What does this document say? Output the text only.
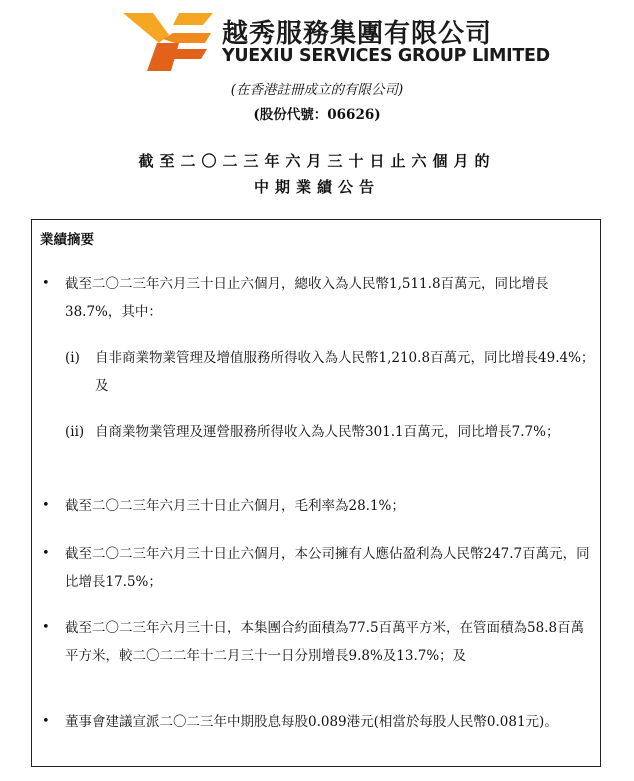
越秀服務集團有限公司
YUEXIU SERVICES GROUP LIMITED
(在香港註冊成立的有限公司)
(股份代號：06626)
截至二〇二三年六月三十日止六個月的
中期業績公告
業績摘要
• 截至二〇二三年六月三十日止六個月，總收入為人民幣1,511.8百萬元，同比增長38.7%，其中：
(i) 自非商業物業管理及增值服務所得收入為人民幣1,210.8百萬元，同比增長49.4%；及
(ii) 自商業物業管理及運營服務所得收入為人民幣301.1百萬元，同比增長7.7%；
• 截至二〇二三年六月三十日止六個月，毛利率為28.1%；
• 截至二〇二三年六月三十日止六個月，本公司擁有人應佔盈利為人民幣247.7百萬元，同比增長17.5%；
• 截至二〇二三年六月三十日，本集團合約面積為77.5百萬平方米，在管面積為58.8百萬平方米，較二〇二二年十二月三十一日分別增長9.8%及13.7%；及
• 董事會建議宣派二〇二三年中期股息每股0.089港元(相當於每股人民幣0.081元)。
